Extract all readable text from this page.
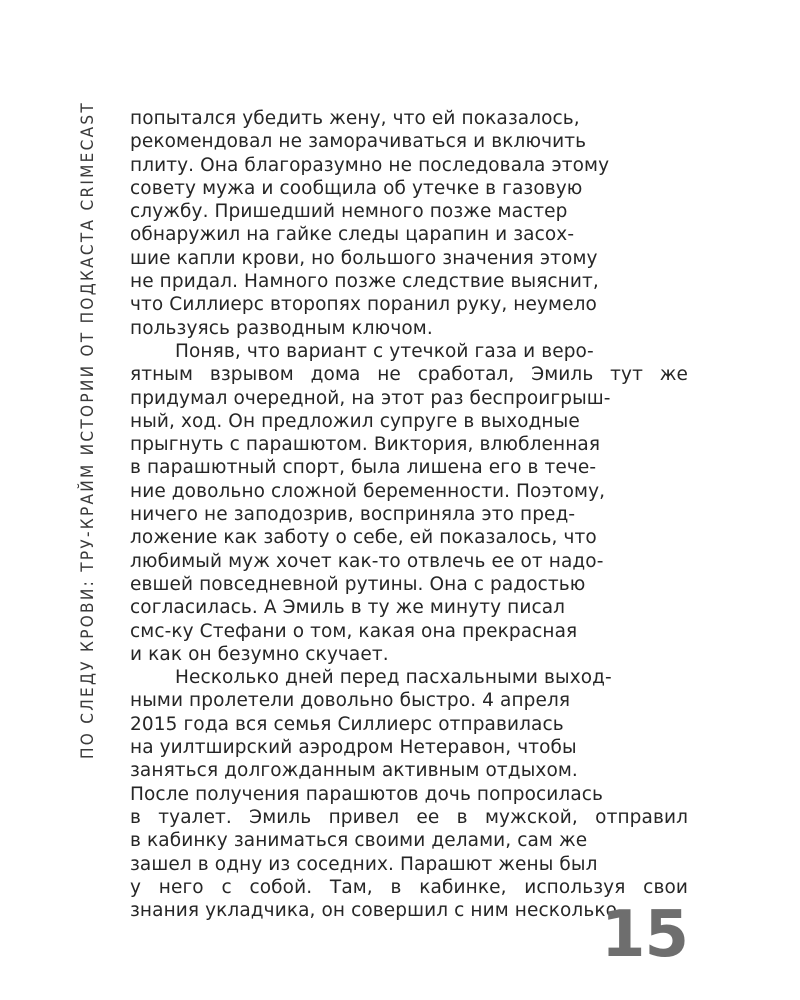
ПО СЛЕДУ КРОВИ: ТРУ-КРАЙМ ИСТОРИИ ОТ ПОДКАСТА CRIMECAST попытался убедить жену, что ей показалось,
рекомендовал не заморачиваться и включить
плиту. Она благоразумно не последовала этому
совету мужа и сообщила об утечке в газовую
службу. Пришедший немного позже мастер
обнаружил на гайке следы царапин и засох-
шие капли крови, но большого значения этому
не придал. Намного позже следствие выяснит,
что Силлиерс второпях поранил руку, неумело
пользуясь разводным ключом.
Поняв, что вариант с утечкой газа и веро-
ятным взрывом дома не сработал, Эмиль тут же
придумал очередной, на этот раз беспроигрыш-
ный, ход. Он предложил супруге в выходные
прыгнуть с парашютом. Виктория, влюбленная
в парашютный спорт, была лишена его в тече-
ние довольно сложной беременности. Поэтому,
ничего не заподозрив, восприняла это пред-
ложение как заботу о себе, ей показалось, что
любимый муж хочет как-то отвлечь ее от надо-
евшей повседневной рутины. Она с радостью
согласилась. А Эмиль в ту же минуту писал
смс-ку Стефани о том, какая она прекрасная
и как он безумно скучает.
Несколько дней перед пасхальными выход-
ными пролетели довольно быстро. 4 апреля
2015 года вся семья Силлиерс отправилась
на уилтширский аэродром Нетеравон, чтобы
заняться долгожданным активным отдыхом.
После получения парашютов дочь попросилась
в туалет. Эмиль привел ее в мужской, отправил
в кабинку заниматься своими делами, сам же
зашел в одну из соседних. Парашют жены был
у него с собой. Там, в кабинке, используя свои
знания укладчика, он совершил с ним несколько
15
